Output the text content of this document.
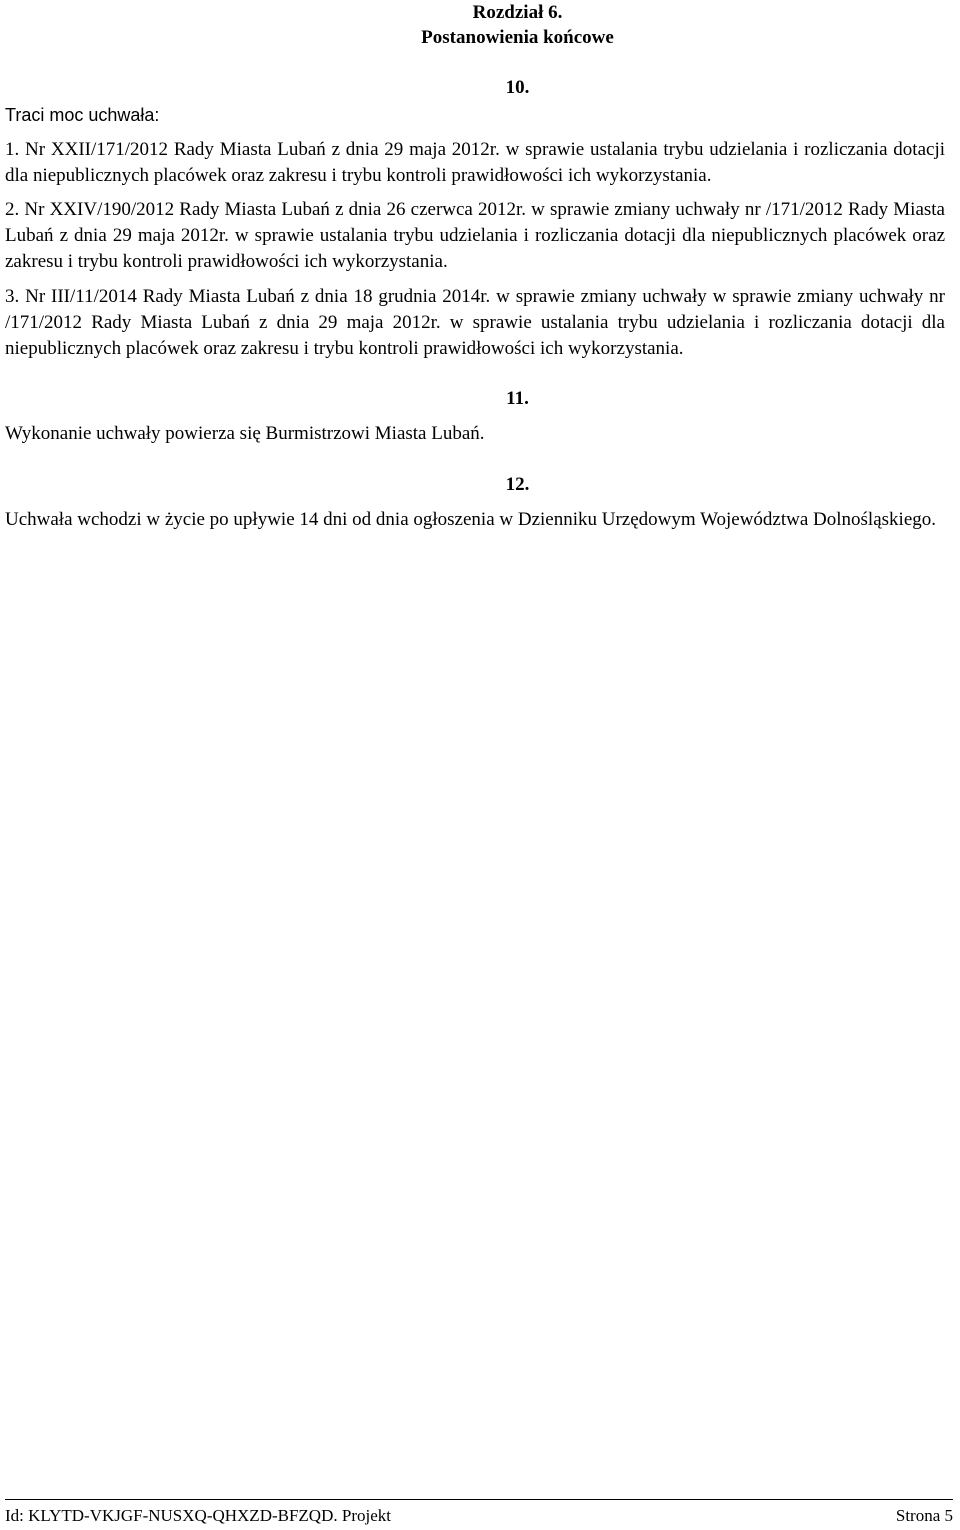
Rozdział 6.
Postanowienia końcowe
10.
Traci moc uchwała:

1. Nr XXII/171/2012 Rady Miasta Lubań z dnia 29 maja 2012r. w sprawie ustalania trybu udzielania i rozliczania dotacji dla niepublicznych placówek oraz zakresu i trybu kontroli prawidłowości ich wykorzystania.

2. Nr XXIV/190/2012 Rady Miasta Lubań z dnia 26 czerwca 2012r. w sprawie zmiany uchwały nr /171/2012 Rady Miasta Lubań z dnia 29 maja 2012r. w sprawie ustalania trybu udzielania i rozliczania dotacji dla niepublicznych placówek oraz zakresu i trybu kontroli prawidłowości ich wykorzystania.

3. Nr III/11/2014 Rady Miasta Lubań z dnia 18 grudnia 2014r. w sprawie zmiany uchwały w sprawie zmiany uchwały nr /171/2012 Rady Miasta Lubań z dnia 29 maja 2012r. w sprawie ustalania trybu udzielania i rozliczania dotacji dla niepublicznych placówek oraz zakresu i trybu kontroli prawidłowości ich wykorzystania.

11.

Wykonanie uchwały powierza się Burmistrzowi Miasta Lubań.

12.

Uchwała wchodzi w życie po upływie 14 dni od dnia ogłoszenia w Dzienniku Urzędowym Województwa Dolnośląskiego.

Id: KLYTD-VKJGF-NUSXQ-QHXZD-BFZQD. Projekt	Strona 5
